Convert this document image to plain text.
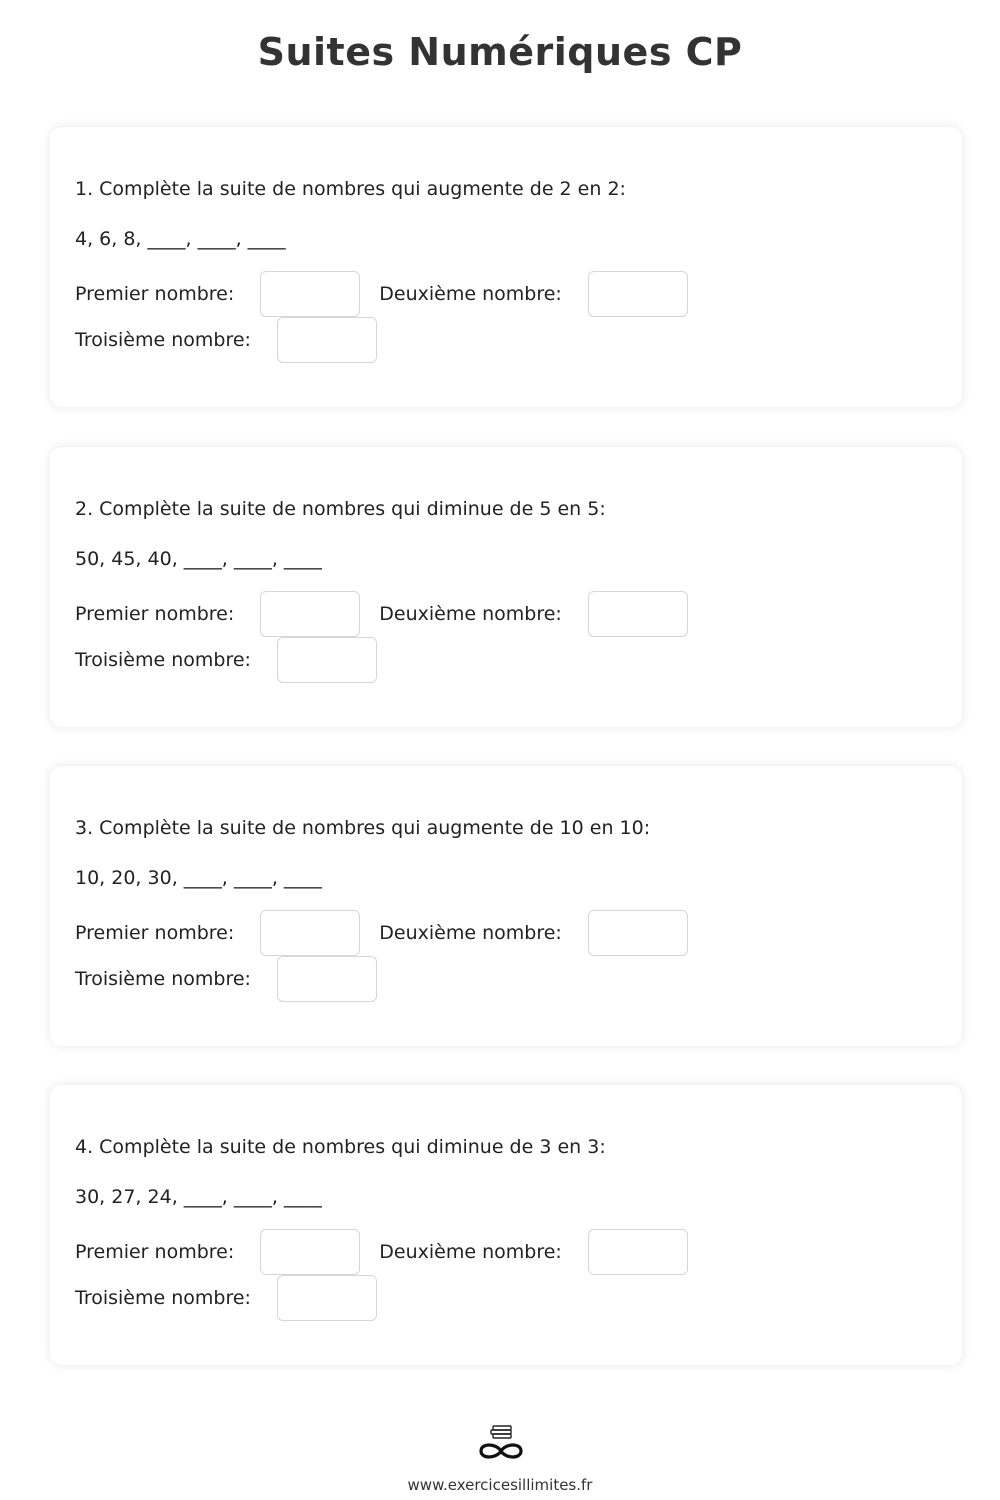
Suites Numériques CP

1. Complète la suite de nombres qui augmente de 2 en 2:

4, 6, 8, ____, ____, ____

Premier nombre:	Deuxième nombre:
Troisième nombre:

2. Complète la suite de nombres qui diminue de 5 en 5:

50, 45, 40, ____, ____, ____

Premier nombre:	Deuxième nombre:
Troisième nombre:

3. Complète la suite de nombres qui augmente de 10 en 10:

10, 20, 30, ____, ____, ____

Premier nombre:	Deuxième nombre:
Troisième nombre:

4. Complète la suite de nombres qui diminue de 3 en 3:

30, 27, 24, ____, ____, ____

Premier nombre:	Deuxième nombre:
Troisième nombre:
www.exercicesillimites.fr
